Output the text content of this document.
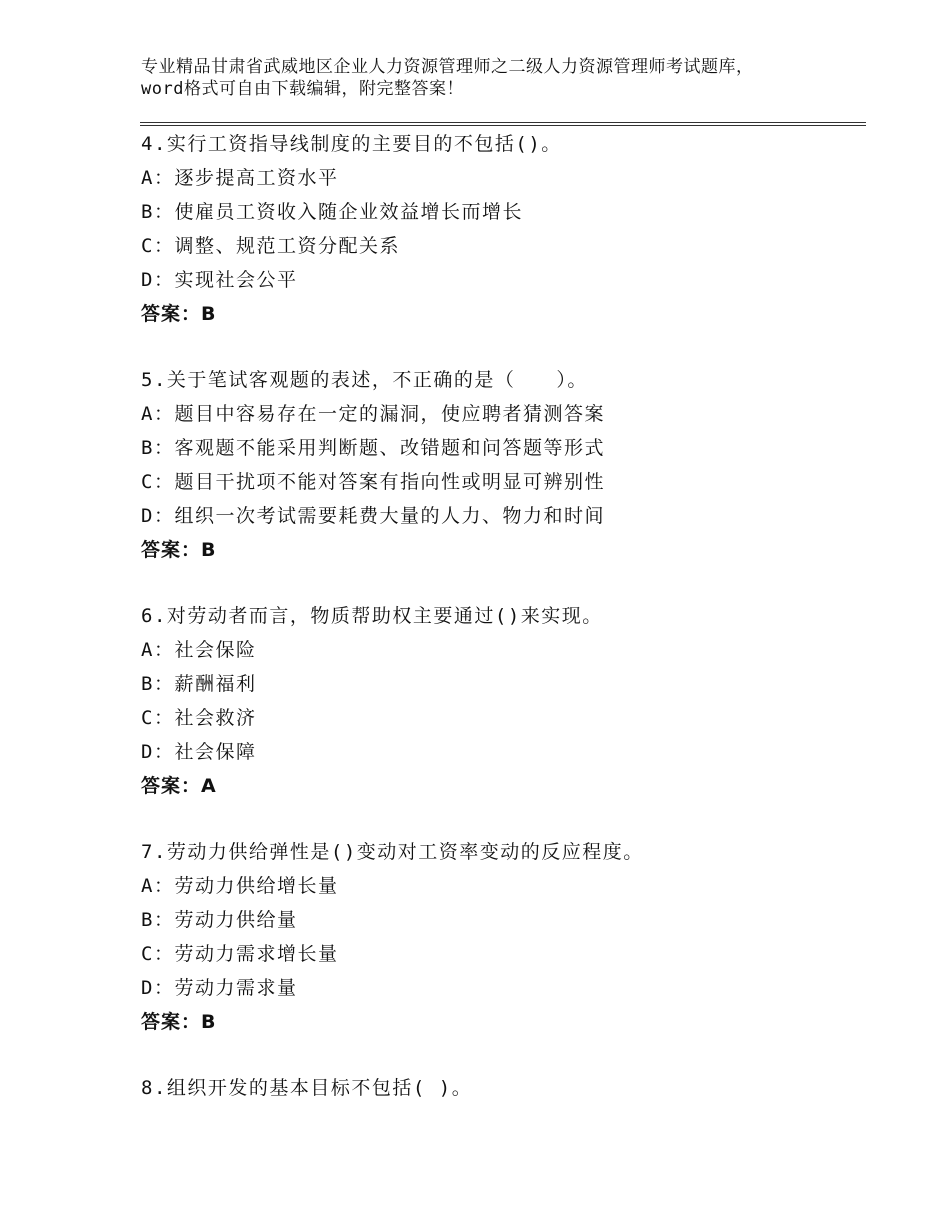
专业精品甘肃省武威地区企业人力资源管理师之二级人力资源管理师考试题库，word格式可自由下载编辑，附完整答案！
4.实行工资指导线制度的主要目的不包括()。
A：逐步提高工资水平
B：使雇员工资收入随企业效益增长而增长
C：调整、规范工资分配关系
D：实现社会公平
答案：B
5.关于笔试客观题的表述，不正确的是（　　）。
A：题目中容易存在一定的漏洞，使应聘者猜测答案
B：客观题不能采用判断题、改错题和问答题等形式
C：题目干扰项不能对答案有指向性或明显可辨别性
D：组织一次考试需要耗费大量的人力、物力和时间
答案：B
6.对劳动者而言，物质帮助权主要通过()来实现。
A：社会保险
B：薪酬福利
C：社会救济
D：社会保障
答案：A
7.劳动力供给弹性是()变动对工资率变动的反应程度。
A：劳动力供给增长量
B：劳动力供给量
C：劳动力需求增长量
D：劳动力需求量
答案：B
8.组织开发的基本目标不包括( )。
